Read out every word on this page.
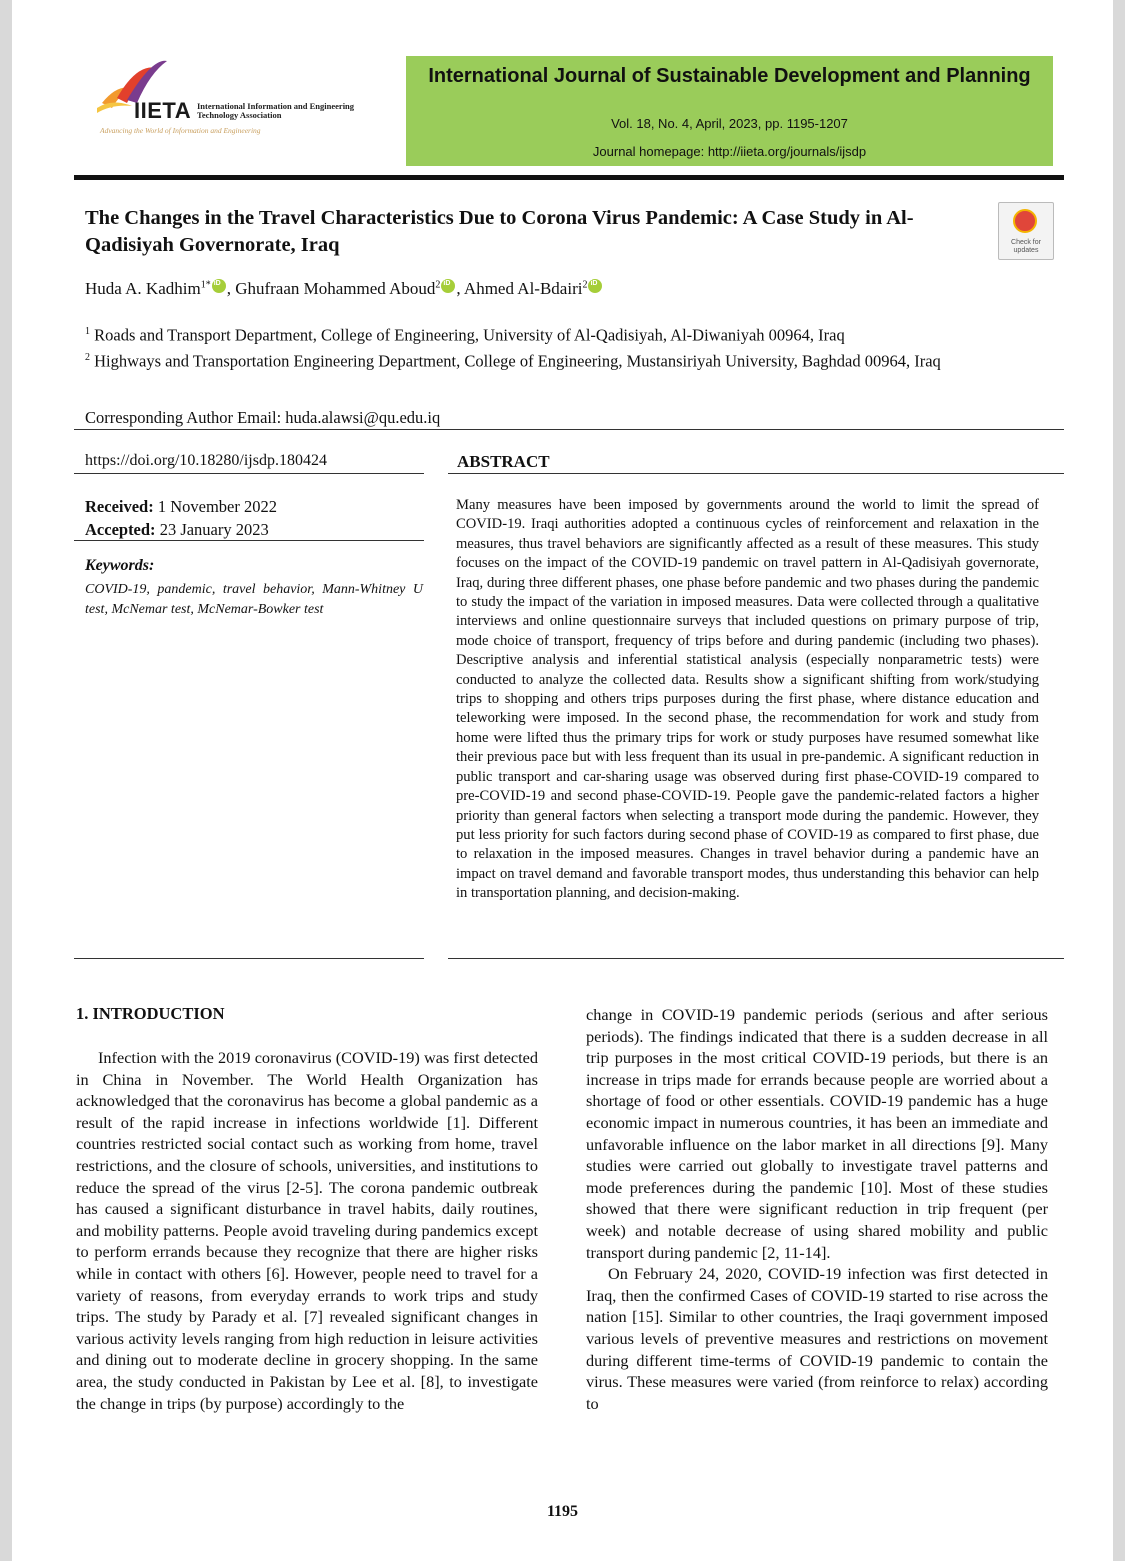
IIETA International Information and Engineering Technology Association
Advancing the World of Information and Engineering
International Journal of Sustainable Development and Planning
Vol. 18, No. 4, April, 2023, pp. 1195-1207
Journal homepage: http://iieta.org/journals/ijsdp
The Changes in the Travel Characteristics Due to Corona Virus Pandemic: A Case Study in Al-Qadisiyah Governorate, Iraq	Check for updates
Huda A. Kadhim$^{1*}$ iD , Ghufraan Mohammed Aboud$^2$ iD , Ahmed Al-Bdairi$^2$iD
$^1$ Roads and Transport Department, College of Engineering, University of Al-Qadisiyah, Al-Diwaniyah 00964, Iraq
$^2$ Highways and Transportation Engineering Department, College of Engineering, Mustansiriyah University, Baghdad 00964, Iraq
Corresponding Author Email: huda.alawsi@qu.edu.iq
https://doi.org/10.18280/ijsdp.180424	ABSTRACT
Received: 1 November 2022
Accepted: 23 January 2023
Keywords:
COVID-19, pandemic, travel behavior, Mann-Whitney U test, McNemar test, McNemar-Bowker test
Many measures have been imposed by governments around the world to limit the spread of COVID-19. Iraqi authorities adopted a continuous cycles of reinforcement and relaxation in the measures, thus travel behaviors are significantly affected as a result of these measures. This study focuses on the impact of the COVID-19 pandemic on travel pattern in Al-Qadisiyah governorate, Iraq, during three different phases, one phase before pandemic and two phases during the pandemic to study the impact of the variation in imposed measures. Data were collected through a qualitative interviews and online questionnaire surveys that included questions on primary purpose of trip, mode choice of transport, frequency of trips before and during pandemic (including two phases). Descriptive analysis and inferential statistical analysis (especially nonparametric tests) were conducted to analyze the collected data. Results show a significant shifting from work/studying trips to shopping and others trips purposes during the first phase, where distance education and teleworking were imposed. In the second phase, the recommendation for work and study from home were lifted thus the primary trips for work or study purposes have resumed somewhat like their previous pace but with less frequent than its usual in pre-pandemic. A significant reduction in public transport and car-sharing usage was observed during first phase-COVID-19 compared to pre-COVID-19 and second phase-COVID-19. People gave the pandemic-related factors a higher priority than general factors when selecting a transport mode during the pandemic. However, they put less priority for such factors during second phase of COVID-19 as compared to first phase, due to relaxation in the imposed measures. Changes in travel behavior during a pandemic have an impact on travel demand and favorable transport modes, thus understanding this behavior can help in transportation planning, and decision-making.
1. INTRODUCTION

Infection with the 2019 coronavirus (COVID-19) was first detected in China in November. The World Health Organization has acknowledged that the coronavirus has become a global pandemic as a result of the rapid increase in infections worldwide [1]. Different countries restricted social contact such as working from home, travel restrictions, and the closure of schools, universities, and institutions to reduce the spread of the virus [2-5]. The corona pandemic outbreak has caused a significant disturbance in travel habits, daily routines, and mobility patterns. People avoid traveling during pandemics except to perform errands because they recognize that there are higher risks while in contact with others [6]. However, people need to travel for a variety of reasons, from everyday errands to work trips and study trips. The study by Parady et al. [7] revealed significant changes in various activity levels ranging from high reduction in leisure activities and dining out to moderate decline in grocery shopping. In the same area, the study conducted in Pakistan by Lee et al. [8], to investigate the change in trips (by purpose) accordingly to the

change in COVID-19 pandemic periods (serious and after serious periods). The findings indicated that there is a sudden decrease in all trip purposes in the most critical COVID-19 periods, but there is an increase in trips made for errands because people are worried about a shortage of food or other essentials. COVID-19 pandemic has a huge economic impact in numerous countries, it has been an immediate and unfavorable influence on the labor market in all directions [9]. Many studies were carried out globally to investigate travel patterns and mode preferences during the pandemic [10]. Most of these studies showed that there were significant reduction in trip frequent (per week) and notable decrease of using shared mobility and public transport during pandemic [2, 11-14].

On February 24, 2020, COVID-19 infection was first detected in Iraq, then the confirmed Cases of COVID-19 started to rise across the nation [15]. Similar to other countries, the Iraqi government imposed various levels of preventive measures and restrictions on movement during different time-terms of COVID-19 pandemic to contain the virus. These measures were varied (from reinforce to relax) according to

1195
